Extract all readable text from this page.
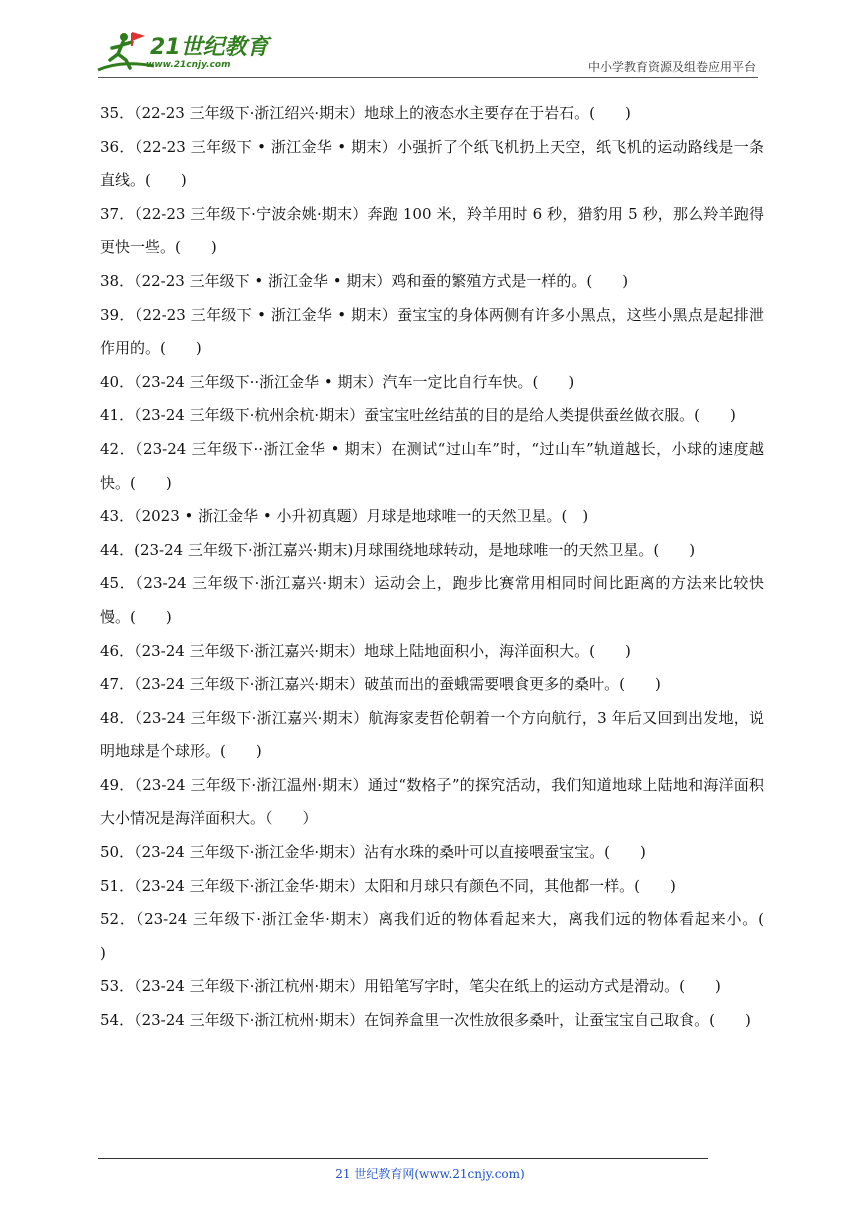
21世纪教育
www.21cnjy.com	中小学教育资源及组卷应用平台
35．（22-23 三年级下·浙江绍兴·期末）地球上的液态水主要存在于岩石。(　　)
36．（22-23 三年级下 • 浙江金华 • 期末）小强折了个纸飞机扔上天空，纸飞机的运动路线是一条直线。(　　)
37．（22-23 三年级下·宁波余姚·期末）奔跑 100 米，羚羊用时 6 秒，猎豹用 5 秒，那么羚羊跑得更快一些。(　　)
38．（22-23 三年级下 • 浙江金华 • 期末）鸡和蚕的繁殖方式是一样的。(　　)
39．（22-23 三年级下 • 浙江金华 • 期末）蚕宝宝的身体两侧有许多小黑点，这些小黑点是起排泄作用的。(　　)
40．（23-24 三年级下··浙江金华 • 期末）汽车一定比自行车快。(　　)
41．（23-24 三年级下·杭州余杭·期末）蚕宝宝吐丝结茧的目的是给人类提供蚕丝做衣服。(　　)
42．（23-24 三年级下··浙江金华 • 期末）在测试“过山车”时，“过山车”轨道越长，小球的速度越快。(　　)
43．（2023 • 浙江金华 • 小升初真题）月球是地球唯一的天然卫星。(　)
44．(23-24 三年级下·浙江嘉兴·期末)月球围绕地球转动，是地球唯一的天然卫星。(　　)
45．（23-24 三年级下·浙江嘉兴·期末）运动会上，跑步比赛常用相同时间比距离的方法来比较快慢。(　　)
46．（23-24 三年级下·浙江嘉兴·期末）地球上陆地面积小，海洋面积大。(　　)
47．（23-24 三年级下·浙江嘉兴·期末）破茧而出的蚕蛾需要喂食更多的桑叶。(　　)
48．（23-24 三年级下·浙江嘉兴·期末）航海家麦哲伦朝着一个方向航行，3 年后又回到出发地，说明地球是个球形。(　　)
49．（23-24 三年级下·浙江温州·期末）通过“数格子”的探究活动，我们知道地球上陆地和海洋面积大小情况是海洋面积大。（　　）
50．（23-24 三年级下·浙江金华·期末）沾有水珠的桑叶可以直接喂蚕宝宝。(　　)
51．（23-24 三年级下·浙江金华·期末）太阳和月球只有颜色不同，其他都一样。(　　)
52．（23-24 三年级下·浙江金华·期末）离我们近的物体看起来大，离我们远的物体看起来小。(　　)
53．（23-24 三年级下·浙江杭州·期末）用铅笔写字时，笔尖在纸上的运动方式是滑动。(　　)
54．（23-24 三年级下·浙江杭州·期末）在饲养盒里一次性放很多桑叶，让蚕宝宝自己取食。(　　)
21 世纪教育网(www.21cnjy.com)
